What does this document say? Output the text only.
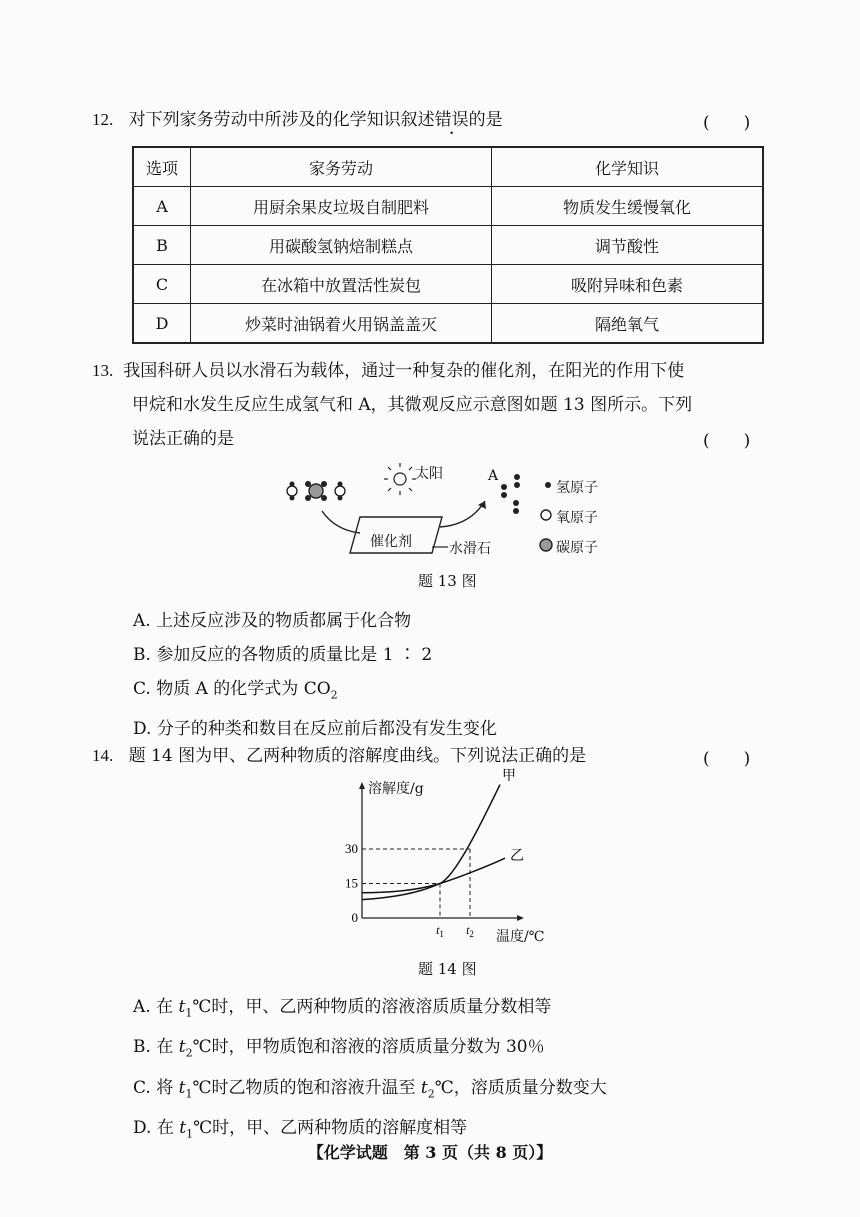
12. 对下列家务劳动中所涉及的化学知识叙述错误的是	(　　)
选项	家务劳动	化学知识
A	用厨余果皮垃圾自制肥料	物质发生缓慢氧化
B	用碳酸氢钠焙制糕点	调节酸性
C	在冰箱中放置活性炭包	吸附异味和色素
D	炒菜时油锅着火用锅盖盖灭	隔绝氧气
13. 我国科研人员以水滑石为载体，通过一种复杂的催化剂，在阳光的作用下使
甲烷和水发生反应生成氢气和 A，其微观反应示意图如题 13 图所示。下列
说法正确的是	(　　)
太阳	A
催化剂	水滑石
氢原子
氧原子
碳原子
题 13 图
A. 上述反应涉及的物质都属于化合物
B. 参加反应的各物质的质量比是 1 ∶ 2
C. 物质 A 的化学式为 $CO_2$
D. 分子的种类和数目在反应前后都没有发生变化
14. 题 14 图为甲、乙两种物质的溶解度曲线。下列说法正确的是	(　　)
30
15
0
$t_1$ $t_2$
甲
乙
溶解度/g
温度/℃
题 14 图
A. 在 $t_1℃$时，甲、乙两种物质的溶液溶质质量分数相等
B. 在 $t_2℃$时，甲物质饱和溶液的溶质质量分数为 30％
C. 将 $t_1℃$时乙物质的饱和溶液升温至 $t_2℃$，溶质质量分数变大
D. 在 $t_1℃$时，甲、乙两种物质的溶解度相等
【化学试题　第 3 页（共 8 页）】
